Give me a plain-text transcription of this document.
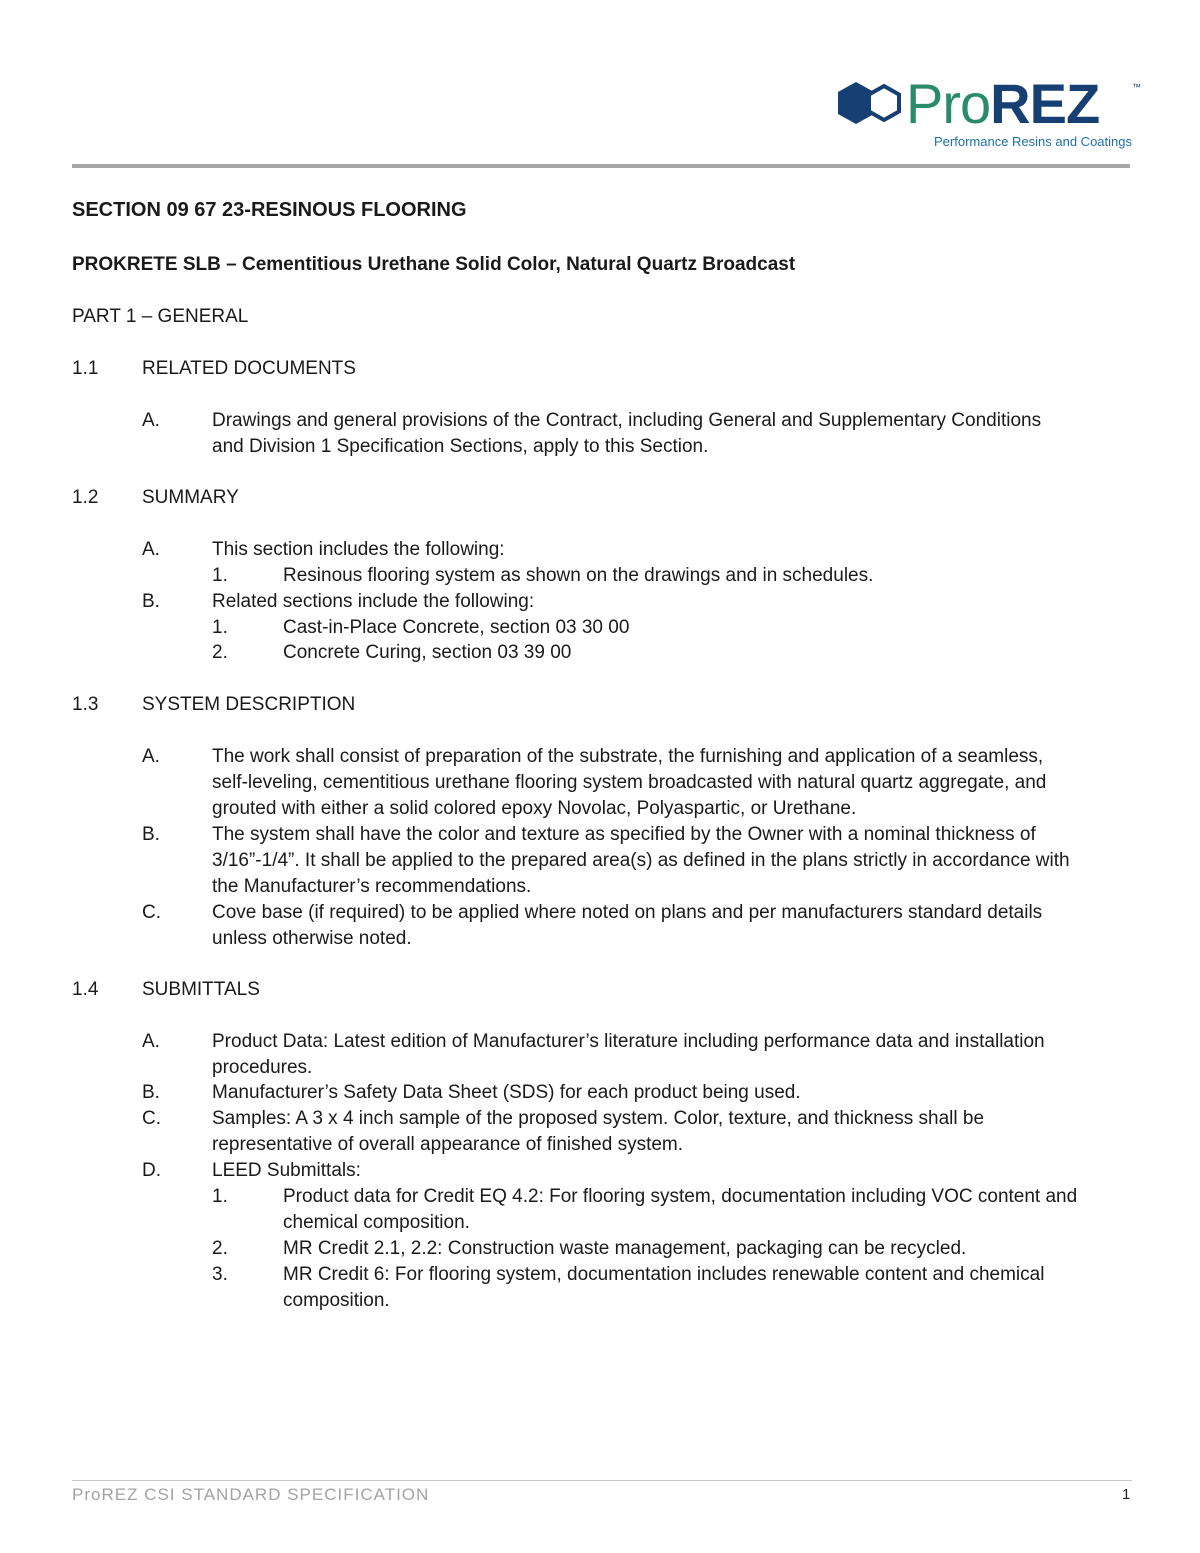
ProREZ	™
Performance Resins and Coatings
SECTION 09 67 23-RESINOUS FLOORING
PROKRETE SLB – Cementitious Urethane Solid Color, Natural Quartz Broadcast
PART 1 – GENERAL
1.1 RELATED DOCUMENTS
A.	Drawings and general provisions of the Contract, including General and Supplementary Conditions
and Division 1 Specification Sections, apply to this Section.
1.2 SUMMARY
A.	This section includes the following:
1.	Resinous flooring system as shown on the drawings and in schedules.
B.	Related sections include the following:
1.	Cast-in-Place Concrete, section 03 30 00
2.	Concrete Curing, section 03 39 00
1.3 SYSTEM DESCRIPTION
A.	The work shall consist of preparation of the substrate, the furnishing and application of a seamless,
self-leveling, cementitious urethane flooring system broadcasted with natural quartz aggregate, and
grouted with either a solid colored epoxy Novolac, Polyaspartic, or Urethane.
B.	The system shall have the color and texture as specified by the Owner with a nominal thickness of
3/16”-1/4”. It shall be applied to the prepared area(s) as defined in the plans strictly in accordance with
the Manufacturer’s recommendations.
C.	Cove base (if required) to be applied where noted on plans and per manufacturers standard details
unless otherwise noted.
1.4 SUBMITTALS
A.	Product Data: Latest edition of Manufacturer’s literature including performance data and installation
procedures.
B.	Manufacturer’s Safety Data Sheet (SDS) for each product being used.
C.	Samples: A 3 x 4 inch sample of the proposed system. Color, texture, and thickness shall be
representative of overall appearance of finished system.
D.	LEED Submittals:
1.	Product data for Credit EQ 4.2: For flooring system, documentation including VOC content and
chemical composition.
2.	MR Credit 2.1, 2.2: Construction waste management, packaging can be recycled.
3.	MR Credit 6: For flooring system, documentation includes renewable content and chemical
composition.
ProREZ CSI STANDARD SPECIFICATION	1
